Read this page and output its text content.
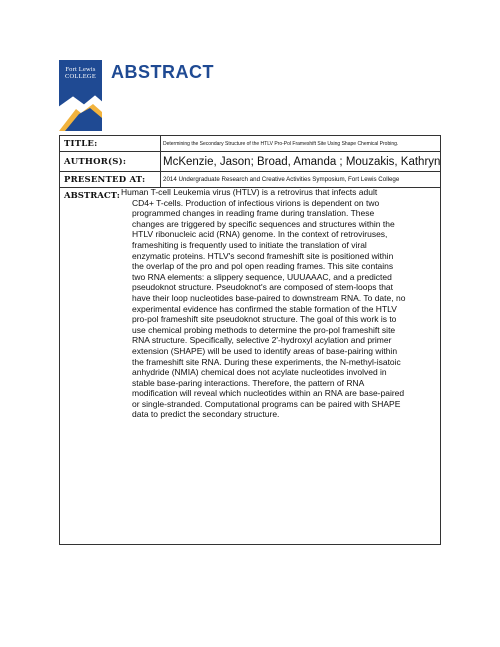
Fort Lewis
COLLEGE ABSTRACT
TITLE:	Determining the Secondary Structure of the HTLV Pro-Pol Frameshift Site Using Shape Chemical Probing.
AUTHOR(S):	McKenzie, Jason; Broad, Amanda ; Mouzakis, Kathryn
PRESENTED AT:	2014 Undergraduate Research and Creative Activities Symposium, Fort Lewis College
ABSTRACT: Human T-cell Leukemia virus (HTLV) is a retrovirus that infects adult
CD4+ T-cells. Production of infectious virions is dependent on two
programmed changes in reading frame during translation. These
changes are triggered by specific sequences and structures within the
HTLV ribonucleic acid (RNA) genome. In the context of retroviruses,
frameshiting is frequently used to initiate the translation of viral
enzymatic proteins. HTLV's second frameshift site is positioned within
the overlap of the pro and pol open reading frames. This site contains
two RNA elements: a slippery sequence, UUUAAAC, and a predicted
pseudoknot structure. Pseudoknot's are composed of stem-loops that
have their loop nucleotides base-paired to downstream RNA. To date, no
experimental evidence has confirmed the stable formation of the HTLV
pro-pol frameshift site pseudoknot structure. The goal of this work is to
use chemical probing methods to determine the pro-pol frameshift site
RNA structure. Specifically, selective 2'-hydroxyl acylation and primer
extension (SHAPE) will be used to identify areas of base-pairing within
the frameshift site RNA. During these experiments, the N-methyl-isatoic
anhydride (NMIA) chemical does not acylate nucleotides involved in
stable base-paring interactions. Therefore, the pattern of RNA
modification will reveal which nucleotides within an RNA are base-paired
or single-stranded. Computational programs can be paired with SHAPE
data to predict the secondary structure.
